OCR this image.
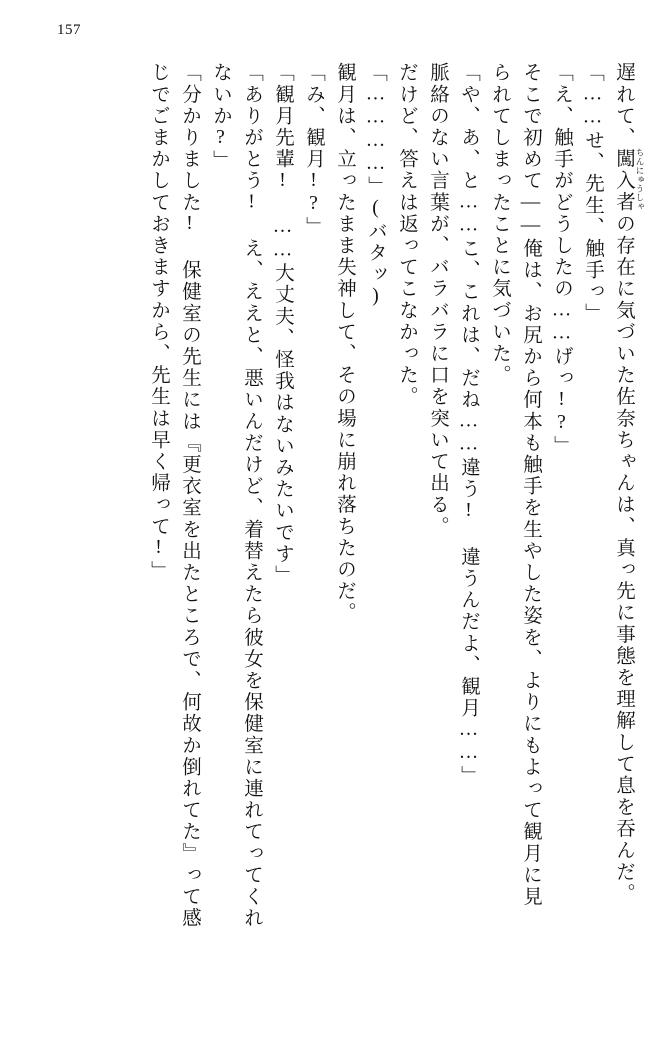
157
遅れて、闖入者 ちんにゅうしゃ
の存在に気づいた佐奈ちゃんは、真っ先に事態を理解して息を吞んだ。
「……せ、先生、触手っ」
「え、触手がどうしたの……げっ!?」
そこで初めて――俺は、お尻から何本も触手を生やした姿を、よりにもよって観月に見
られてしまったことに気づいた。
「や、あ、と……こ、これは、だね……違う! 違うんだよ、観月……」
脈絡のない言葉が、バラバラに口を突いて出る。
だけど、答えは返ってこなかった。
「…………」(バタッ)
観月は、立ったまま失神して、その場に崩れ落ちたのだ。
「み、観月!?」
「観月先輩! ……大丈夫、怪我はないみたいです」
「ありがとう! え、ええと、悪いんだけど、着替えたら彼女を保健室に連れてってくれ
ないか?」
「分かりました! 保健室の先生には『更衣室を出たところで、何故か倒れてた』って感
じでごまかしておきますから、先生は早く帰って!」
